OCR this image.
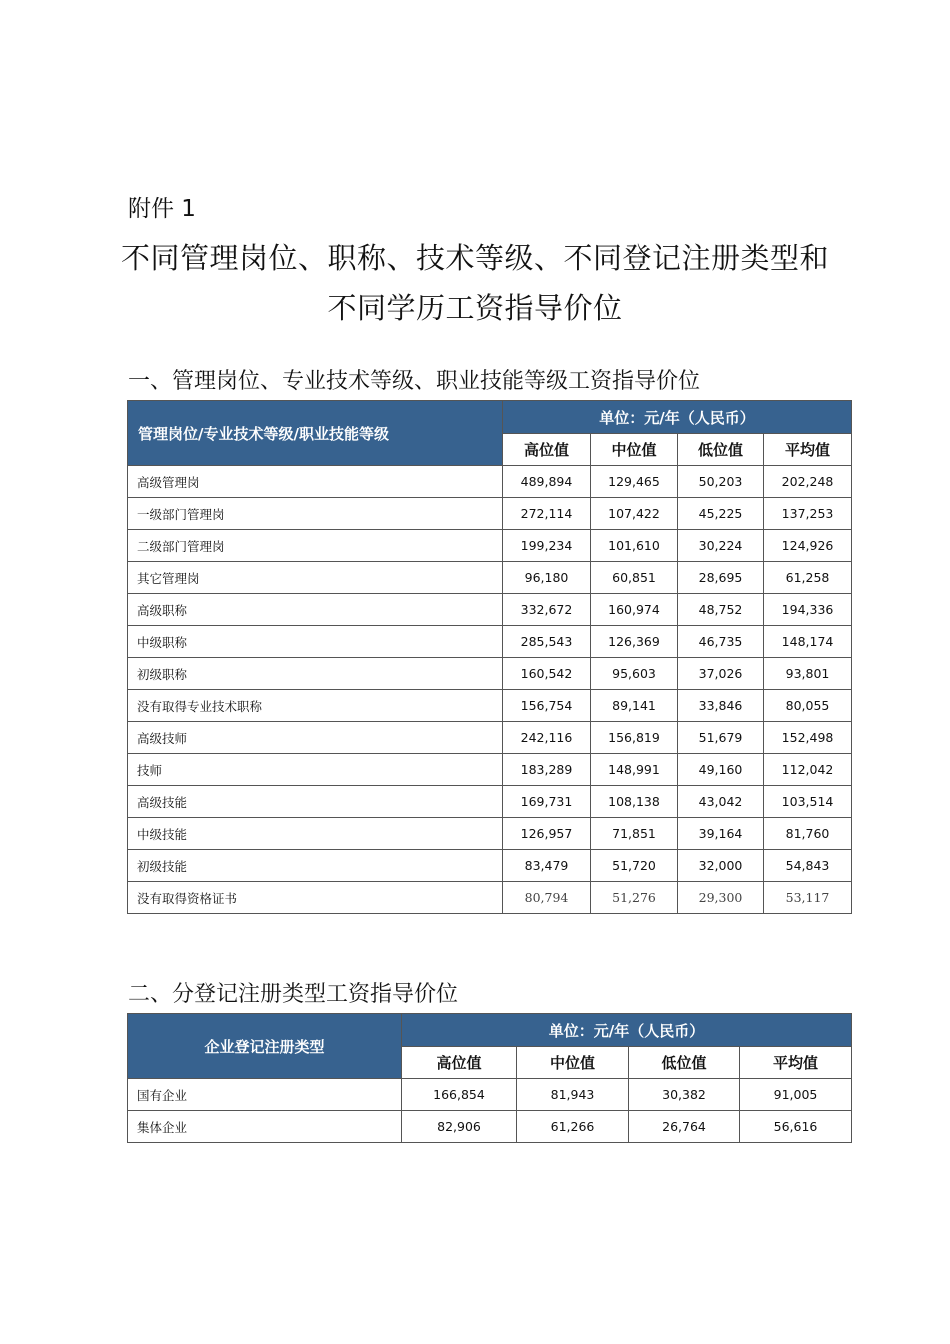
附件 1
不同管理岗位、职称、技术等级、不同登记注册类型和
不同学历工资指导价位
一、管理岗位、专业技术等级、职业技能等级工资指导价位
管理岗位/专业技术等级/职业技能等级	单位：元/年（人民币）			
	高位值	中位值	低位值	平均值
高级管理岗	489,894	129,465	50,203	202,248
一级部门管理岗	272,114	107,422	45,225	137,253
二级部门管理岗	199,234	101,610	30,224	124,926
其它管理岗	96,180	60,851	28,695	61,258
高级职称	332,672	160,974	48,752	194,336
中级职称	285,543	126,369	46,735	148,174
初级职称	160,542	95,603	37,026	93,801
没有取得专业技术职称	156,754	89,141	33,846	80,055
高级技师	242,116	156,819	51,679	152,498
技师	183,289	148,991	49,160	112,042
高级技能	169,731	108,138	43,042	103,514
中级技能	126,957	71,851	39,164	81,760
初级技能	83,479	51,720	32,000	54,843
没有取得资格证书	80,794	51,276	29,300	53,117
二、分登记注册类型工资指导价位
企业登记注册类型	单位：元/年（人民币）			
	高位值	中位值	低位值	平均值
国有企业	166,854	81,943	30,382	91,005
集体企业	82,906	61,266	26,764	56,616
